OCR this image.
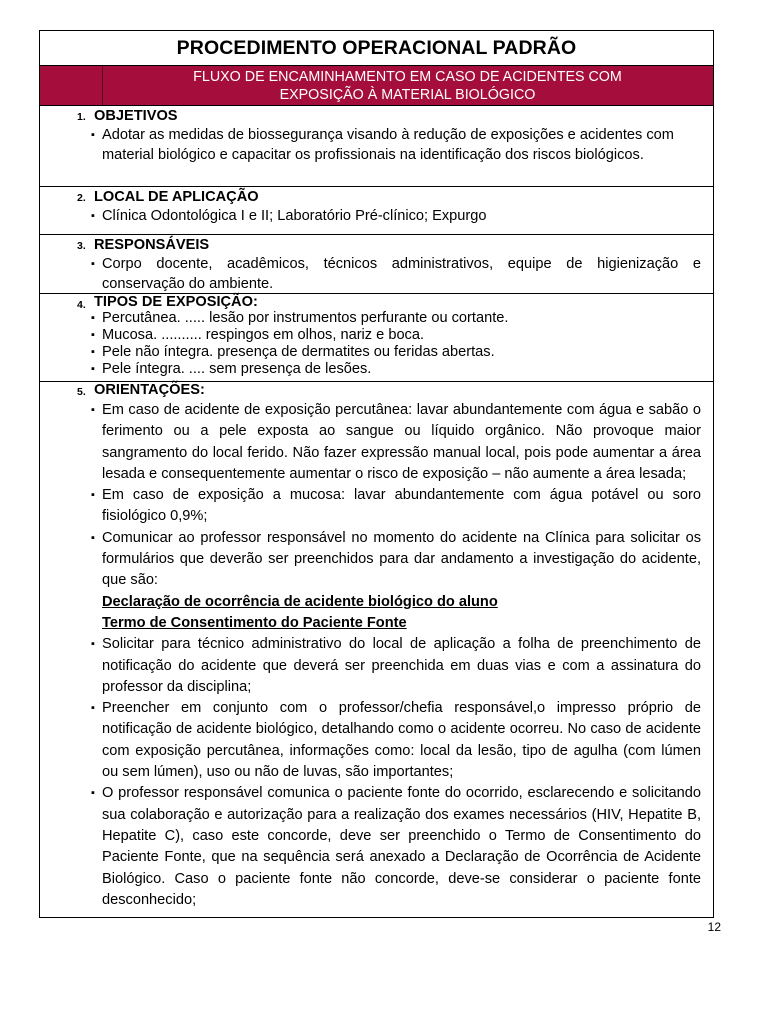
PROCEDIMENTO OPERACIONAL PADRÃO
FLUXO DE ENCAMINHAMENTO EM CASO DE ACIDENTES COM
EXPOSIÇÃO À MATERIAL BIOLÓGICO
1. OBJETIVOS
▪ Adotar as medidas de biossegurança visando à redução de exposições e acidentes com material biológico e capacitar os profissionais na identificação dos riscos biológicos.
2. LOCAL DE APLICAÇÃO
▪ Clínica Odontológica I e II; Laboratório Pré-clínico; Expurgo
3. RESPONSÁVEIS
▪ Corpo docente, acadêmicos, técnicos administrativos, equipe de higienização e conservação do ambiente.
4. TIPOS DE EXPOSIÇÃO:
▪ Percutânea. ..... lesão por instrumentos perfurante ou cortante.
▪ Mucosa. .......... respingos em olhos, nariz e boca.
▪ Pele não íntegra. presença de dermatites ou feridas abertas.
▪ Pele íntegra. .... sem presença de lesões.
5. ORIENTAÇÕES:
▪ Em caso de acidente de exposição percutânea: lavar abundantemente com água e sabão o ferimento ou a pele exposta ao sangue ou líquido orgânico. Não provoque maior sangramento do local ferido. Não fazer expressão manual local, pois pode aumentar a área lesada e consequentemente aumentar o risco de exposição – não aumente a área lesada;
▪ Em caso de exposição a mucosa: lavar abundantemente com água potável ou soro fisiológico 0,9%;
▪ Comunicar ao professor responsável no momento do acidente na Clínica para solicitar os formulários que deverão ser preenchidos para dar andamento a investigação do acidente, que são:
Declaração de ocorrência de acidente biológico do aluno
Termo de Consentimento do Paciente Fonte
▪ Solicitar para técnico administrativo do local de aplicação a folha de preenchimento de notificação do acidente que deverá ser preenchida em duas vias e com a assinatura do professor da disciplina;
▪ Preencher em conjunto com o professor/chefia responsável,o impresso próprio de notificação de acidente biológico, detalhando como o acidente ocorreu. No caso de acidente com exposição percutânea, informações como: local da lesão, tipo de agulha (com lúmen ou sem lúmen), uso ou não de luvas, são importantes;
▪ O professor responsável comunica o paciente fonte do ocorrido, esclarecendo e solicitando sua colaboração e autorização para a realização dos exames necessários (HIV, Hepatite B, Hepatite C), caso este concorde, deve ser preenchido o Termo de Consentimento do Paciente Fonte, que na sequência será anexado a Declaração de Ocorrência de Acidente Biológico. Caso o paciente fonte não concorde, deve-se considerar o paciente fonte desconhecido;
12
